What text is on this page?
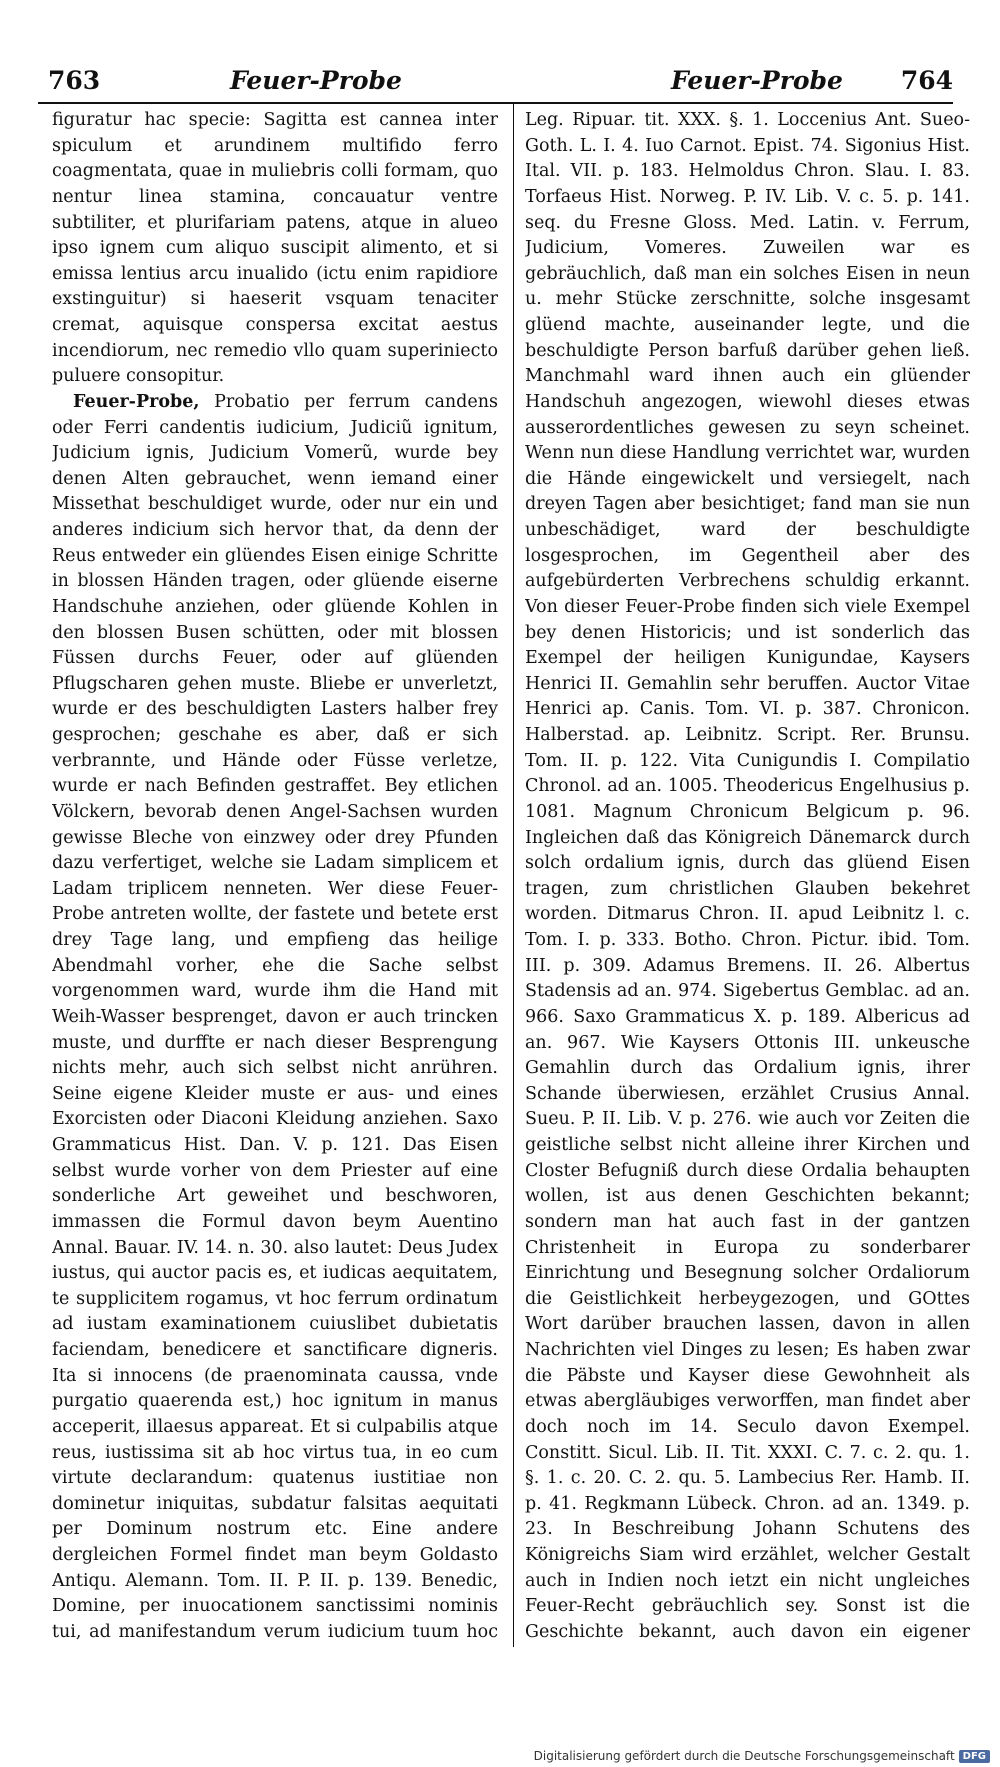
763	Feuer-Probe	Feuer-Probe 764

figuratur hac specie: Sagitta est cannea inter spiculum et arundinem multifido ferro coagmentata, quae in muliebris colli formam, quo nentur linea stamina, concauatur ventre subtiliter, et plurifariam patens, atque in alueo ipso ignem cum aliquo suscipit alimento, et si emissa lentius arcu inualido (ictu enim rapidiore exstinguitur) si haeserit vsquam tenaciter cremat, aquisque conspersa excitat aestus incendiorum, nec remedio vllo quam superiniecto puluere consopitur.

Feuer-Probe, Probatio per ferrum candens oder Ferri candentis iudicium, Judiciũ ignitum, Judicium ignis, Judicium Vomerũ, wurde bey denen Alten gebrauchet, wenn iemand einer Missethat beschuldiget wurde, oder nur ein und anderes indicium sich hervor that, da denn der Reus entweder ein glüendes Eisen einige Schritte in blossen Händen tragen, oder glüende eiserne Handschuhe anziehen, oder glüende Kohlen in den blossen Busen schütten, oder mit blossen Füssen durchs Feuer, oder auf glüenden Pflugscharen gehen muste. Bliebe er unverletzt, wurde er des beschuldigten Lasters halber frey gesprochen; geschahe es aber, daß er sich verbrannte, und Hände oder Füsse verletze, wurde er nach Befinden gestraffet. Bey etlichen Völckern, bevorab denen Angel-Sachsen wurden gewisse Bleche von einzwey oder drey Pfunden dazu verfertiget, welche sie Ladam simplicem et Ladam triplicem nenneten. Wer diese Feuer-Probe antreten wollte, der fastete und betete erst drey Tage lang, und empfieng das heilige Abendmahl vorher, ehe die Sache selbst vorgenommen ward, wurde ihm die Hand mit Weih-Wasser besprenget, davon er auch trincken muste, und durffte er nach dieser Besprengung nichts mehr, auch sich selbst nicht anrühren. Seine eigene Kleider muste er aus- und eines Exorcisten oder Diaconi Kleidung anziehen. Saxo Grammaticus Hist. Dan. V. p. 121. Das Eisen selbst wurde vorher von dem Priester auf eine sonderliche Art geweihet und beschworen, immassen die Formul davon beym Auentino Annal. Bauar. IV. 14. n. 30. also lautet: Deus Judex iustus, qui auctor pacis es, et iudicas aequitatem, te supplicitem rogamus, vt hoc ferrum ordinatum ad iustam examinationem cuiuslibet dubietatis faciendam, benedicere et sanctificare digneris. Ita si innocens (de praenominata caussa, vnde purgatio quaerenda est,) hoc ignitum in manus acceperit, illaesus appareat. Et si culpabilis atque reus, iustissima sit ab hoc virtus tua, in eo cum virtute declarandum: quatenus iustitiae non dominetur iniquitas, subdatur falsitas aequitati per Dominum nostrum etc. Eine andere dergleichen Formel findet man beym Goldasto Antiqu. Alemann. Tom. II. P. II. p. 139. Benedic, Domine, per inuocationem sanctissimi nominis tui, ad manifestandum verum iudicium tuum hoc

Leg. Ripuar. tit. XXX. §. 1. Loccenius Ant. Sueo-Goth. L. I. 4. Iuo Carnot. Epist. 74. Sigonius Hist. Ital. VII. p. 183. Helmoldus Chron. Slau. I. 83. Torfaeus Hist. Norweg. P. IV. Lib. V. c. 5. p. 141. seq. du Fresne Gloss. Med. Latin. v. Ferrum, Judicium, Vomeres. Zuweilen war es gebräuchlich, daß man ein solches Eisen in neun u. mehr Stücke zerschnitte, solche insgesamt glüend machte, auseinander legte, und die beschuldigte Person barfuß darüber gehen ließ. Manchmahl ward ihnen auch ein glüender Handschuh angezogen, wiewohl dieses etwas ausserordentliches gewesen zu seyn scheinet. Wenn nun diese Handlung verrichtet war, wurden die Hände eingewickelt und versiegelt, nach dreyen Tagen aber besichtiget; fand man sie nun unbeschädiget, ward der beschuldigte losgesprochen, im Gegentheil aber des aufgebürderten Verbrechens schuldig erkannt. Von dieser Feuer-Probe finden sich viele Exempel bey denen Historicis; und ist sonderlich das Exempel der heiligen Kunigundae, Kaysers Henrici II. Gemahlin sehr beruffen. Auctor Vitae Henrici ap. Canis. Tom. VI. p. 387. Chronicon. Halberstad. ap. Leibnitz. Script. Rer. Brunsu. Tom. II. p. 122. Vita Cunigundis I. Compilatio Chronol. ad an. 1005. Theodericus Engelhusius p. 1081. Magnum Chronicum Belgicum p. 96. Ingleichen daß das Königreich Dänemarck durch solch ordalium ignis, durch das glüend Eisen tragen, zum christlichen Glauben bekehret worden. Ditmarus Chron. II. apud Leibnitz l. c. Tom. I. p. 333. Botho. Chron. Pictur. ibid. Tom. III. p. 309. Adamus Bremens. II. 26. Albertus Stadensis ad an. 974. Sigebertus Gemblac. ad an. 966. Saxo Grammaticus X. p. 189. Albericus ad an. 967. Wie Kaysers Ottonis III. unkeusche Gemahlin durch das Ordalium ignis, ihrer Schande überwiesen, erzählet Crusius Annal. Sueu. P. II. Lib. V. p. 276. wie auch vor Zeiten die geistliche selbst nicht alleine ihrer Kirchen und Closter Befugniß durch diese Ordalia behaupten wollen, ist aus denen Geschichten bekannt; sondern man hat auch fast in der gantzen Christenheit in Europa zu sonderbarer Einrichtung und Besegnung solcher Ordaliorum die Geistlichkeit herbeygezogen, und GOttes Wort darüber brauchen lassen, davon in allen Nachrichten viel Dinges zu lesen; Es haben zwar die Päbste und Kayser diese Gewohnheit als etwas abergläubiges verworffen, man findet aber doch noch im 14. Seculo davon Exempel. Constitt. Sicul. Lib. II. Tit. XXXI. C. 7. c. 2. qu. 1. §. 1. c. 20. C. 2. qu. 5. Lambecius Rer. Hamb. II. p. 41. Regkmann Lübeck. Chron. ad an. 1349. p. 23. In Beschreibung Johann Schutens des Königreichs Siam wird erzählet, welcher Gestalt auch in Indien noch ietzt ein nicht ungleiches Feuer-Recht gebräuchlich sey. Sonst ist die Geschichte bekannt, auch davon ein eigener

Digitalisierung gefördert durch die Deutsche Forschungsgemeinschaft DFG
